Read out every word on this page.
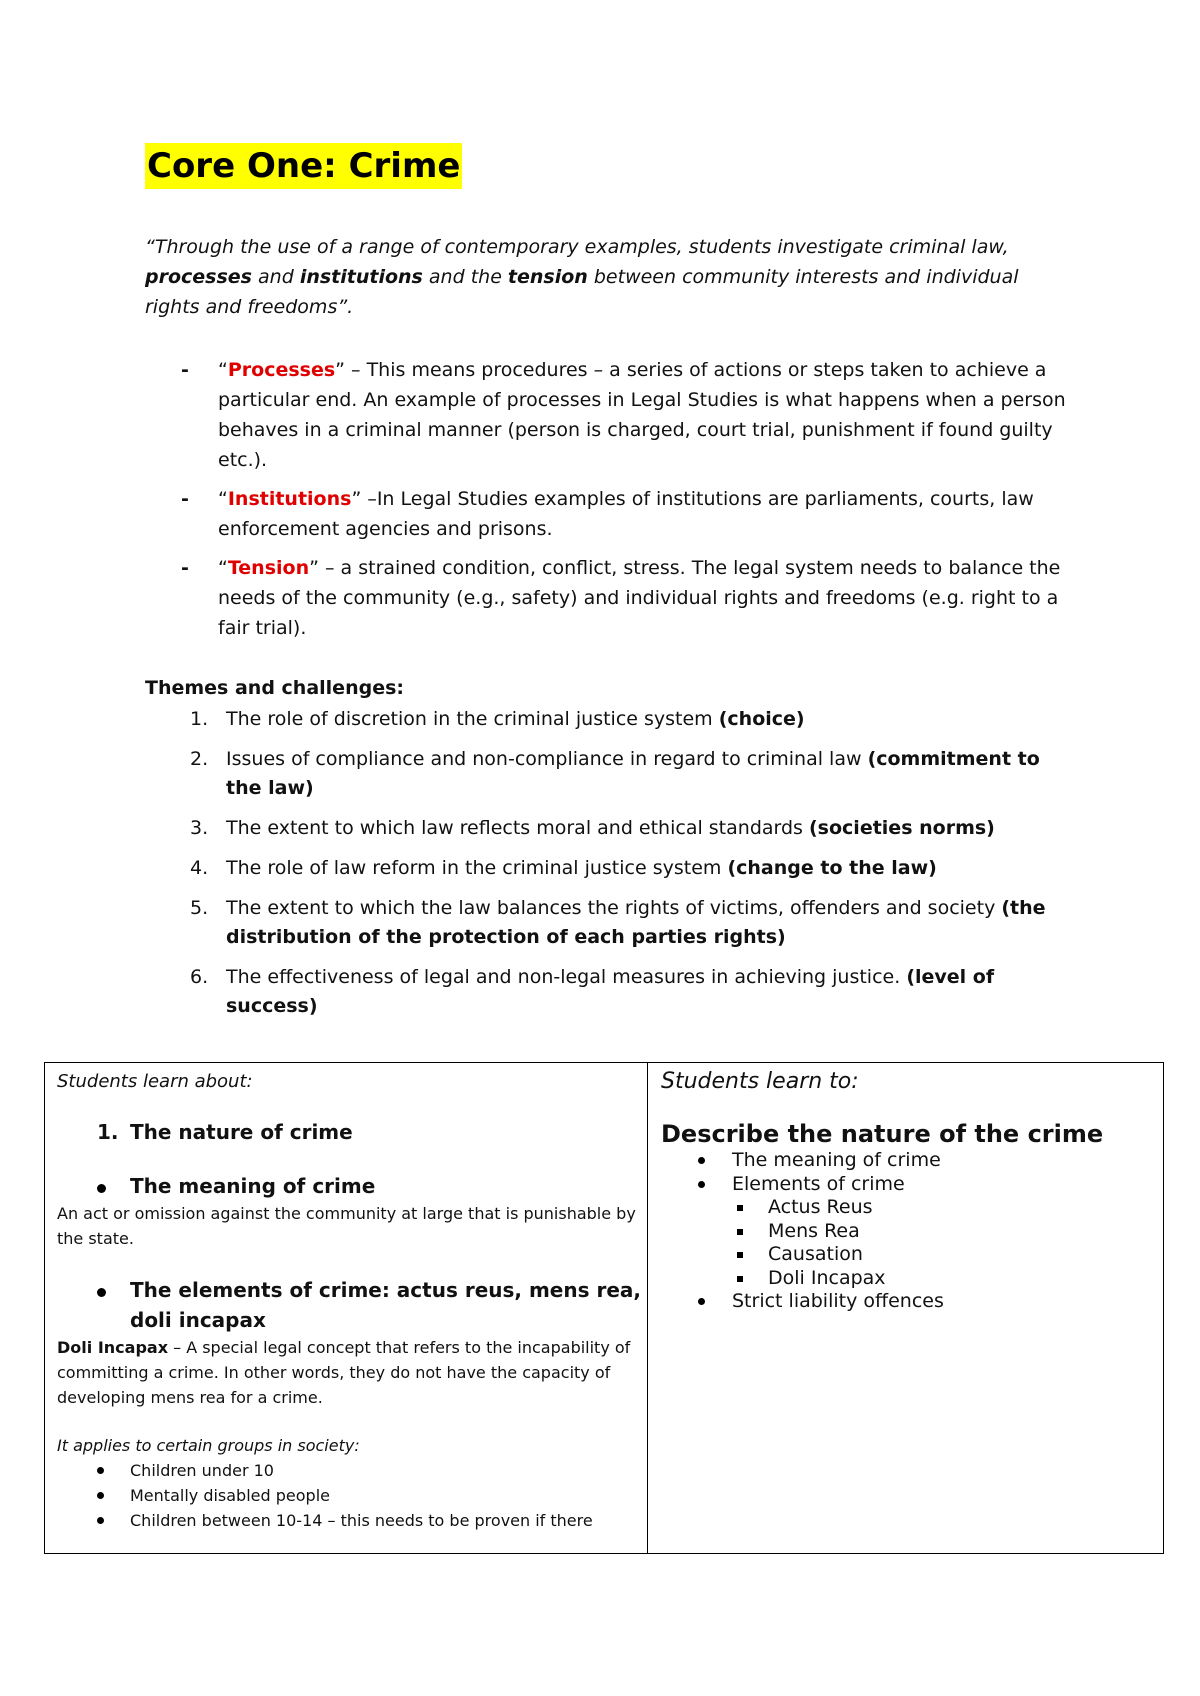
Core One: Crime

“Through the use of a range of contemporary examples, students investigate criminal law, processes and institutions and the tension between community interests and individual rights and freedoms”.

- “Processes” – This means procedures – a series of actions or steps taken to achieve a particular end. An example of processes in Legal Studies is what happens when a person behaves in a criminal manner (person is charged, court trial, punishment if found guilty etc.).
- “Institutions” –In Legal Studies examples of institutions are parliaments, courts, law enforcement agencies and prisons.
- “Tension” – a strained condition, conflict, stress. The legal system needs to balance the needs of the community (e.g., safety) and individual rights and freedoms (e.g. right to a fair trial).
Themes and challenges:
1. The role of discretion in the criminal justice system (choice)
2. Issues of compliance and non-compliance in regard to criminal law (commitment to the law)
3. The extent to which law reflects moral and ethical standards (societies norms)
4. The role of law reform in the criminal justice system (change to the law)
5. The extent to which the law balances the rights of victims, offenders and society (the distribution of the protection of each parties rights)
6. The effectiveness of legal and non-legal measures in achieving justice. (level of success)

Students learn about:

1. The nature of crime

The meaning of crime

An act or omission against the community at large that is punishable by the state.

The elements of crime: actus reus, mens rea, doli incapax

Doli Incapax – A special legal concept that refers to the incapability of committing a crime. In other words, they do not have the capacity of developing mens rea for a crime.

It applies to certain groups in society:

Children under 10
Mentally disabled people
Children between 10-14 – this needs to be proven if there

Students learn to:

Describe the nature of the crime

The meaning of crime
Elements of crime
Actus Reus
Mens Rea
Causation
Doli Incapax
Strict liability offences
